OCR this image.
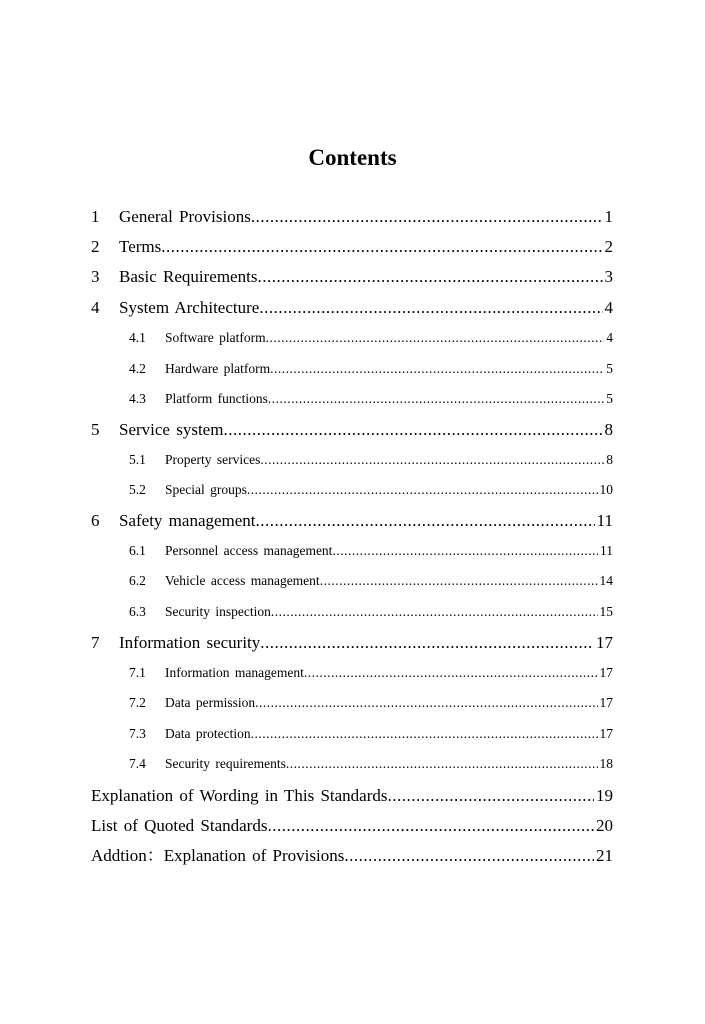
Contents
1	General Provisions .....	1
2	Terms .....	2
3	Basic Requirements .....	3
4	System Architecture .....	4
4.1	Software platform .....	4
4.2	Hardware platform .....	5
4.3	Platform functions .....	5
5	Service system .....	8
5.1	Property services .....	8
5.2	Special groups .....	10
6	Safety management .....	11
6.1	Personnel access management .....	11
6.2	Vehicle access management .....	14
6.3	Security inspection .....	15
7	Information security .....	17
7.1	Information management .....	17
7.2	Data permission .....	17
7.3	Data protection .....	17
7.4	Security requirements .....	18
Explanation of Wording in This Standards .....	19
List of Quoted Standards .....	20
Addtion：Explanation of Provisions .....	21
